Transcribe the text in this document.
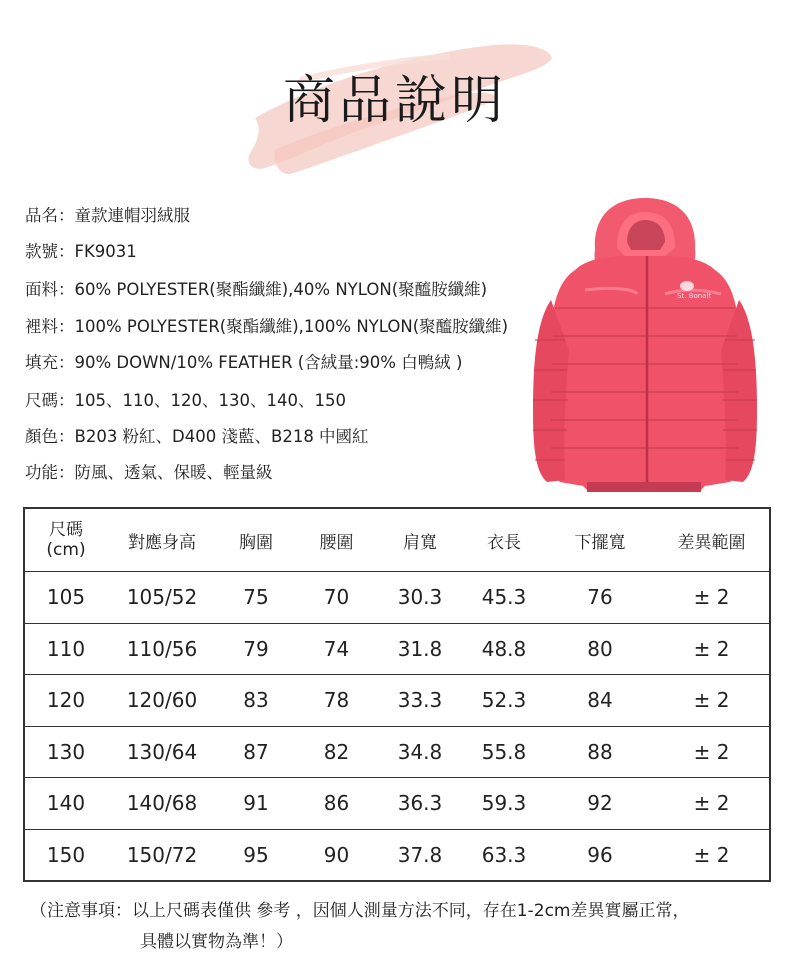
商品說明
品名：童款連帽羽絨服
款號：FK9031
面料：60% POLYESTER(聚酯纖維),40% NYLON(聚醯胺纖維)
裡料：100% POLYESTER(聚酯纖維),100% NYLON(聚醯胺纖維)
填充：90% DOWN/10% FEATHER (含絨量:90% 白鴨絨 )
尺碼：105、110、120、130、140、150
顏色：B203 粉紅、D400 淺藍、B218 中國紅
功能：防風、透氣、保暖、輕量級
St. Bonalt
尺碼
(cm)	對應身高	胸圍	腰圍	肩寬	衣長	下擺寬	差異範圍
105	105/52	75	70	30.3	45.3	76	± 2
110	110/56	79	74	31.8	48.8	80	± 2
120	120/60	83	78	33.3	52.3	84	± 2
130	130/64	87	82	34.8	55.8	88	± 2
140	140/68	91	86	36.3	59.3	92	± 2
150	150/72	95	90	37.8	63.3	96	± 2
（注意事項：以上尺碼表僅供 參考 ，因個人測量方法不同，存在1-2cm差異實屬正常，
具體以實物為準！）
